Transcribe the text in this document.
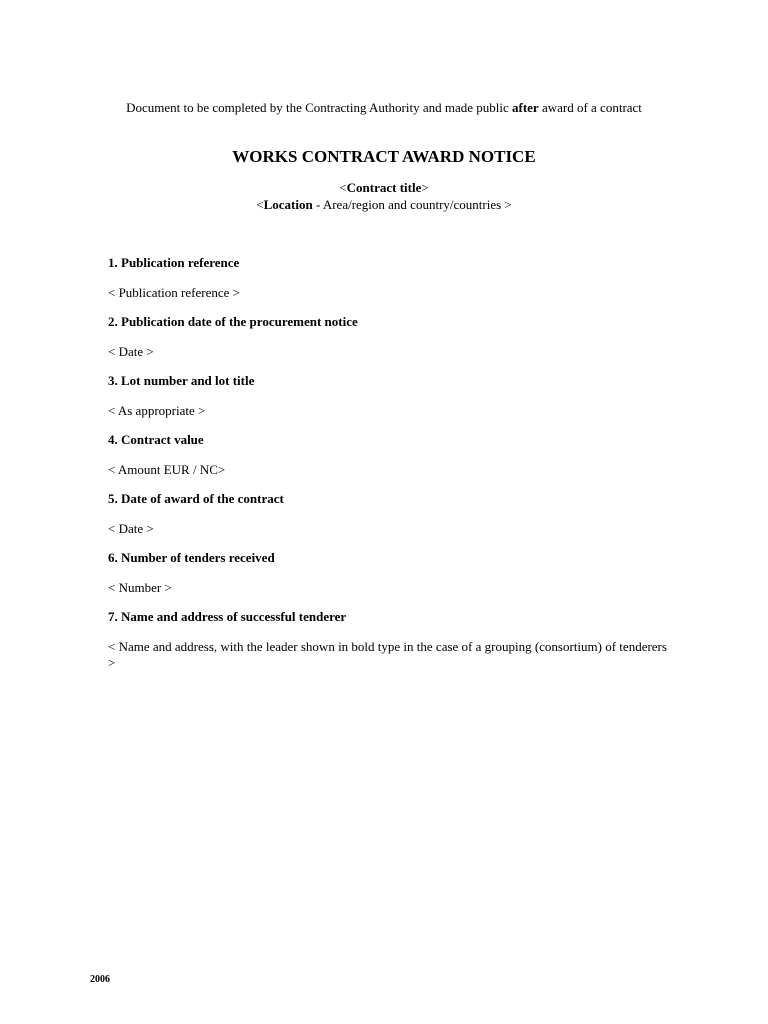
Document to be completed by the Contracting Authority and made public after award of a contract
WORKS CONTRACT AWARD NOTICE
<Contract title>
<Location - Area/region and country/countries >
1. Publication reference
< Publication reference >
2. Publication date of the procurement notice
< Date >
3. Lot number and lot title
< As appropriate >
4. Contract value
< Amount EUR / NC>
5. Date of award of the contract
< Date >
6. Number of tenders received
< Number >
7. Name and address of successful tenderer
< Name and address, with the leader shown in bold type in the case of a grouping (consortium) of tenderers >
2006
